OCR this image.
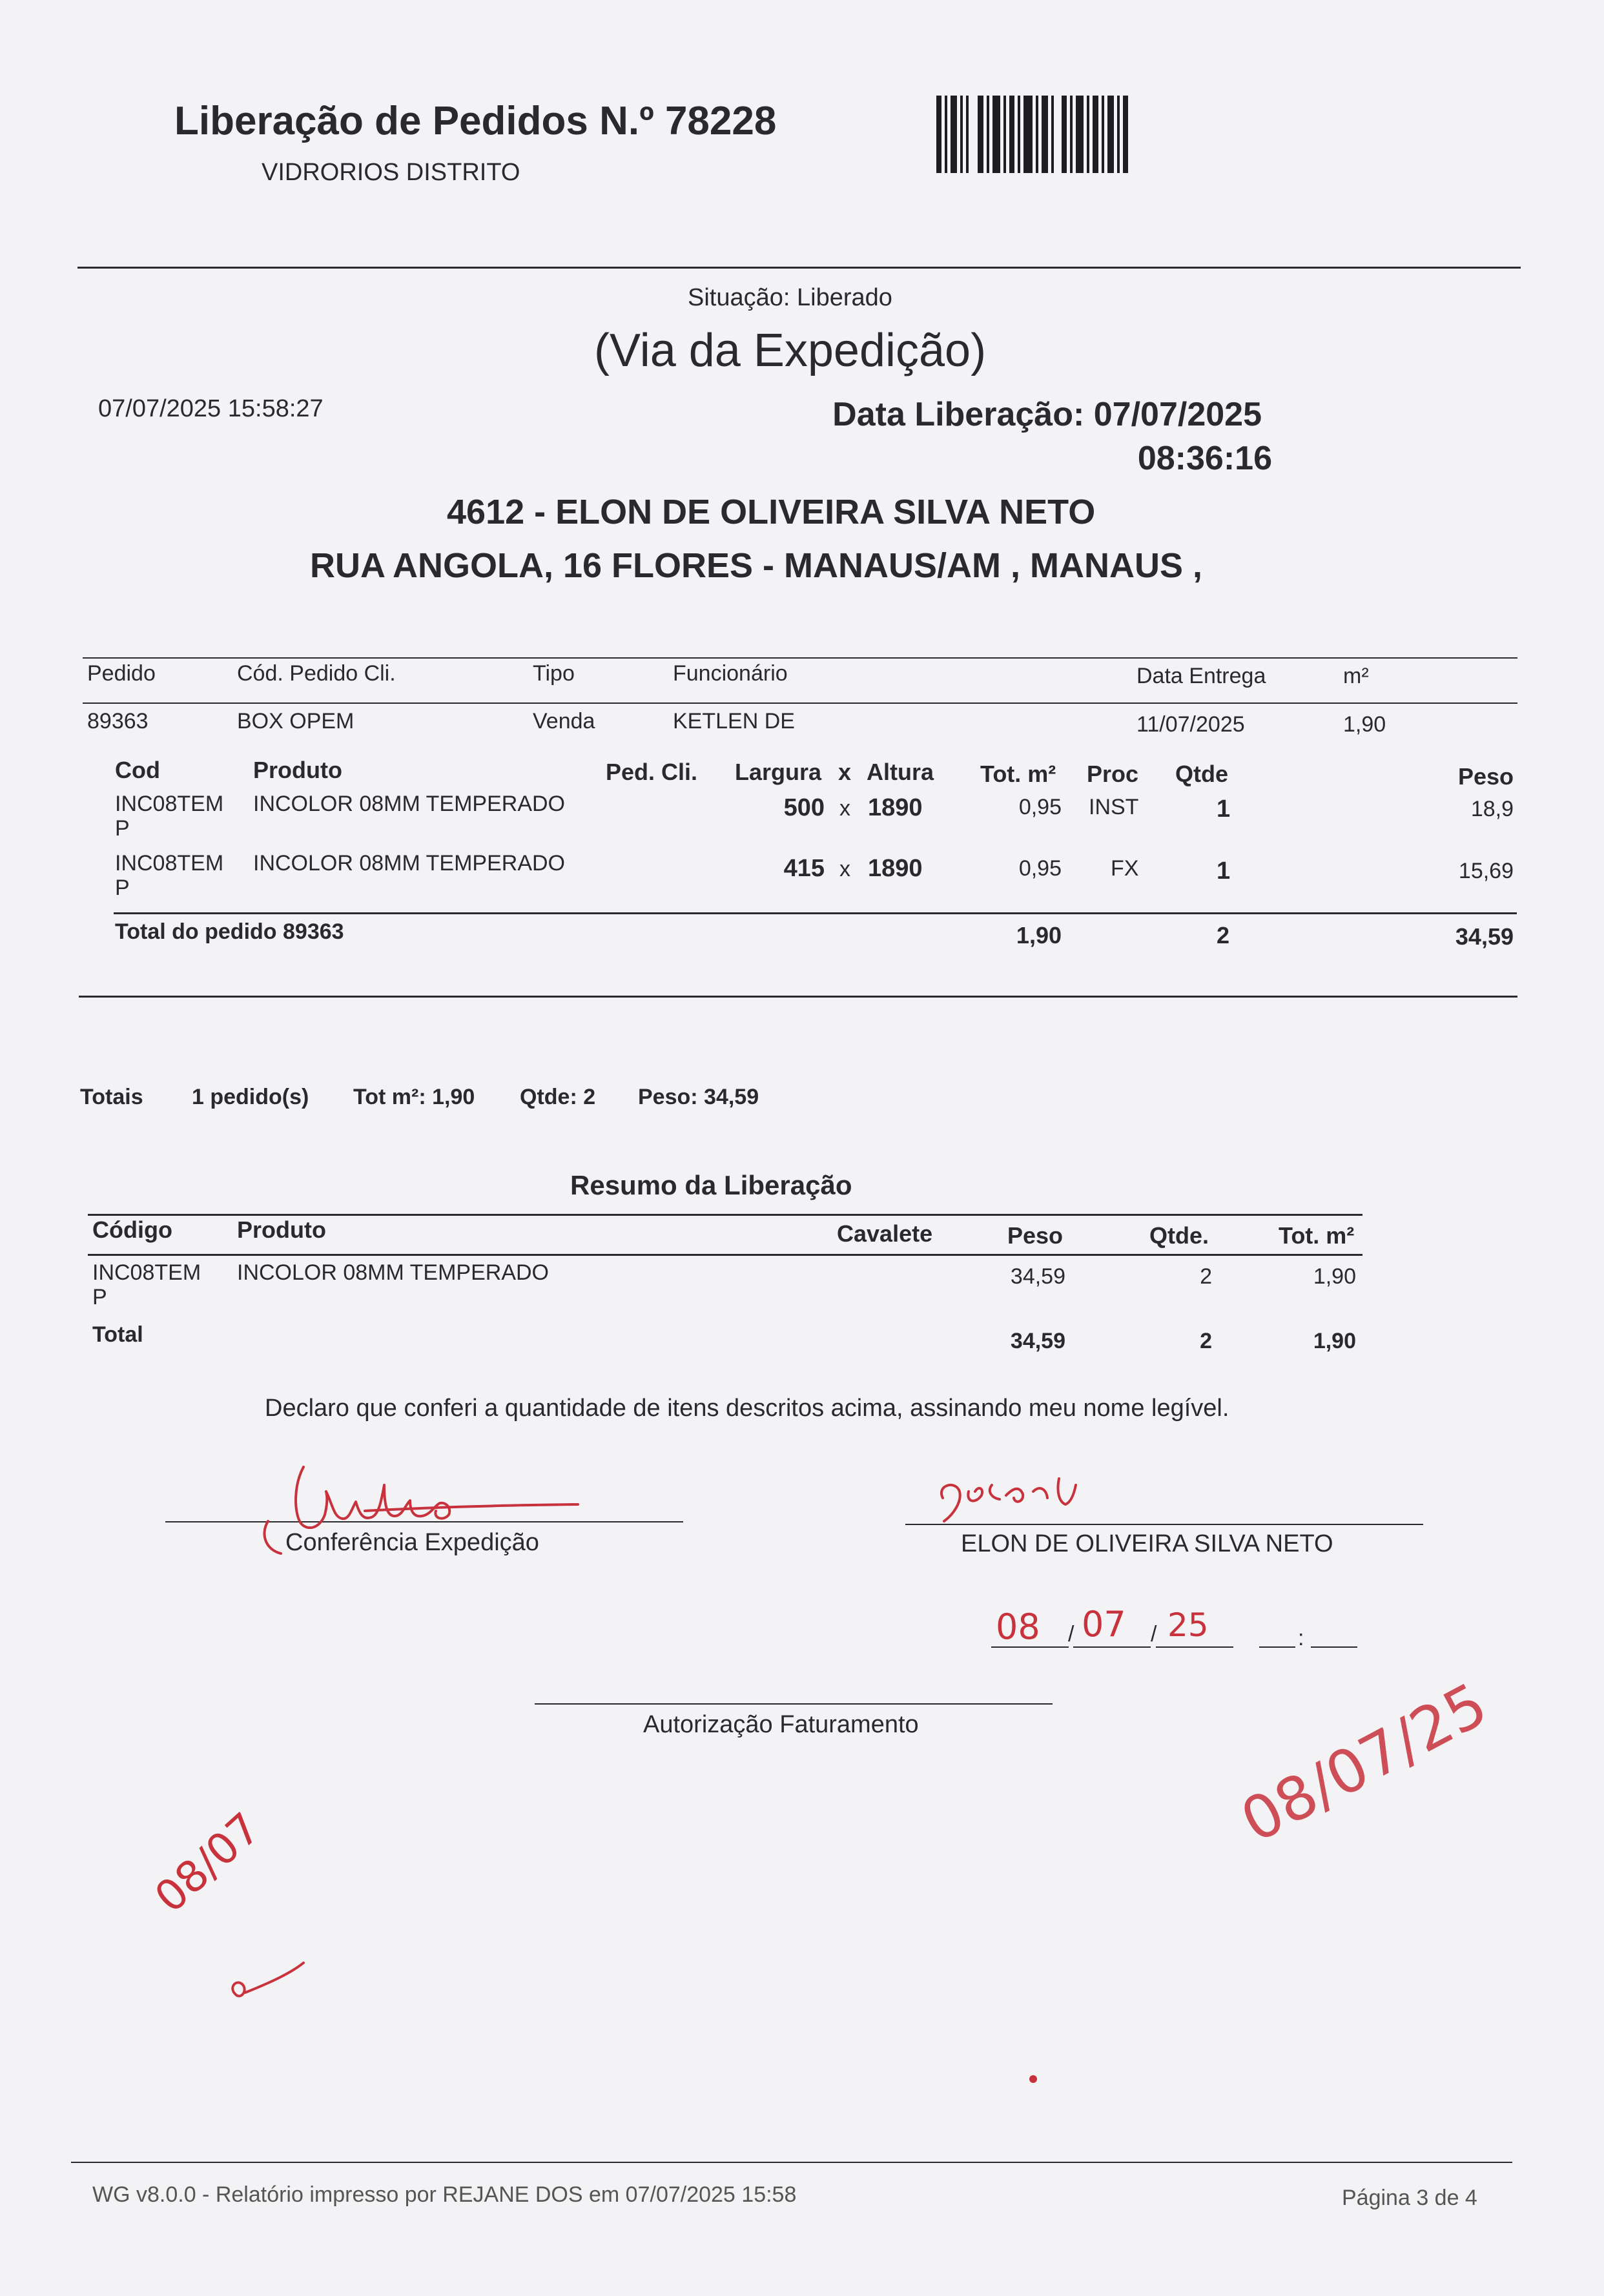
Liberação de Pedidos N.º 78228
VIDRORIOS DISTRITO
Situação: Liberado
(Via da Expedição)
07/07/2025 15:58:27	Data Liberação: 07/07/2025
08:36:16
4612 - ELON DE OLIVEIRA SILVA NETO
RUA ANGOLA, 16 FLORES - MANAUS/AM , MANAUS ,
Pedido	Cód. Pedido Cli.	Tipo	Funcionário	Data Entrega	m²
89363	BOX OPEM	Venda	KETLEN DE	11/07/2025	1,90
Cod	Produto	Ped. Cli. Largura x Altura Tot. m² Proc Qtde	Peso
INC08TEM
P
INCOLOR 08MM TEMPERADO	500 x 1890	0,95 INST	1	18,9
INC08TEM
P
INCOLOR 08MM TEMPERADO	415 x 1890	0,95 FX	1	15,69
Total do pedido 89363	1,90	2	34,59
Totais 1 pedido(s) Tot m²: 1,90 Qtde: 2 Peso: 34,59
Resumo da Liberação
Código	Produto	Cavalete	Peso	Qtde.	Tot. m²
INC08TEM
P
INCOLOR 08MM TEMPERADO	34,59	2	1,90
Total	34,59	2	1,90
Declaro que conferi a quantidade de itens descritos acima, assinando meu nome legível.
Conferência Expedição	ELON DE OLIVEIRA SILVA NETO
/	/	:
08 07 25
Autorização Faturamento
08/07
08/07/25
WG v8.0.0 - Relatório impresso por REJANE DOS em 07/07/2025 15:58	Página 3 de 4
